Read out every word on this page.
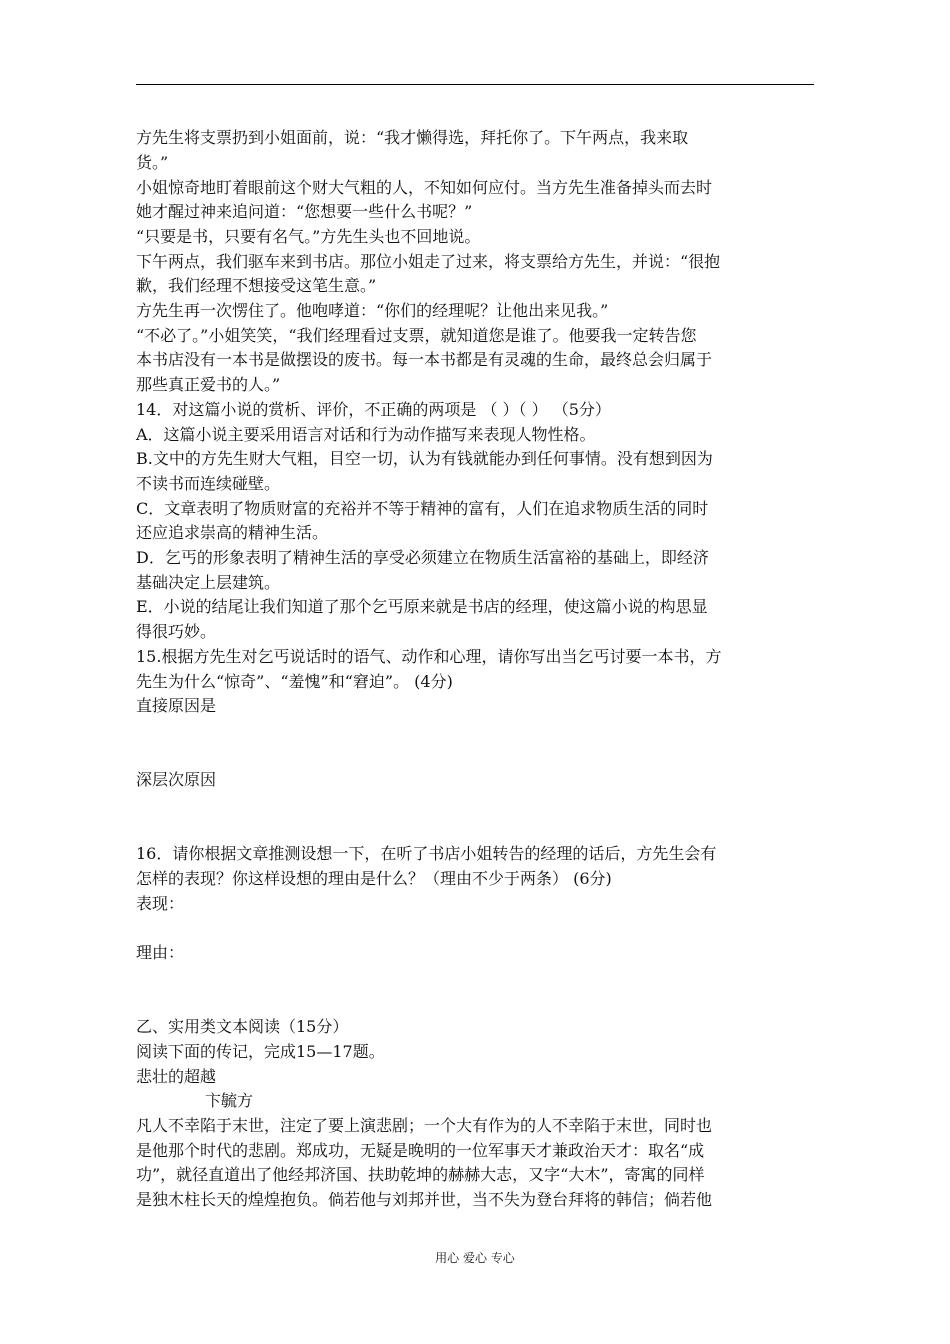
方先生将支票扔到小姐面前，说：“我才懒得选，拜托你了。下午两点，我来取
货。”
小姐惊奇地盯着眼前这个财大气粗的人，不知如何应付。当方先生准备掉头而去时
她才醒过神来追问道：“您想要一些什么书呢？”
“只要是书，只要有名气。”方先生头也不回地说。
下午两点，我们驱车来到书店。那位小姐走了过来，将支票给方先生，并说：“很抱
歉，我们经理不想接受这笔生意。”
方先生再一次愣住了。他咆哮道：“你们的经理呢？让他出来见我。”
“不必了。”小姐笑笑，“我们经理看过支票，就知道您是谁了。他要我一定转告您
本书店没有一本书是做摆设的废书。每一本书都是有灵魂的生命，最终总会归属于
那些真正爱书的人。”
14．对这篇小说的赏析、评价，不正确的两项是 （ ）（ ） （5分）
A．这篇小说主要采用语言对话和行为动作描写来表现人物性格。
B.文中的方先生财大气粗，目空一切，认为有钱就能办到任何事情。没有想到因为
不读书而连续碰壁。
C．文章表明了物质财富的充裕并不等于精神的富有，人们在追求物质生活的同时
还应追求崇高的精神生活。
D．乞丐的形象表明了精神生活的享受必须建立在物质生活富裕的基础上，即经济
基础决定上层建筑。
E．小说的结尾让我们知道了那个乞丐原来就是书店的经理，使这篇小说的构思显
得很巧妙。
15.根据方先生对乞丐说话时的语气、动作和心理，请你写出当乞丐讨要一本书，方
先生为什么“惊奇”、“羞愧”和“窘迫”。 (4分)
直接原因是
深层次原因
16．请你根据文章推测设想一下，在听了书店小姐转告的经理的话后，方先生会有
怎样的表现？你这样设想的理由是什么？（理由不少于两条） (6分)
表现：
理由：
乙、实用类文本阅读（15分）
阅读下面的传记，完成15—17题。
悲壮的超越
卞毓方
凡人不幸陷于末世，注定了要上演悲剧；一个大有作为的人不幸陷于末世，同时也
是他那个时代的悲剧。郑成功，无疑是晚明的一位军事天才兼政治天才：取名“成
功”，就径直道出了他经邦济国、扶助乾坤的赫赫大志，又字“大木”，寄寓的同样
是独木柱长天的煌煌抱负。倘若他与刘邦并世，当不失为登台拜将的韩信；倘若他
用心 爱心 专心
